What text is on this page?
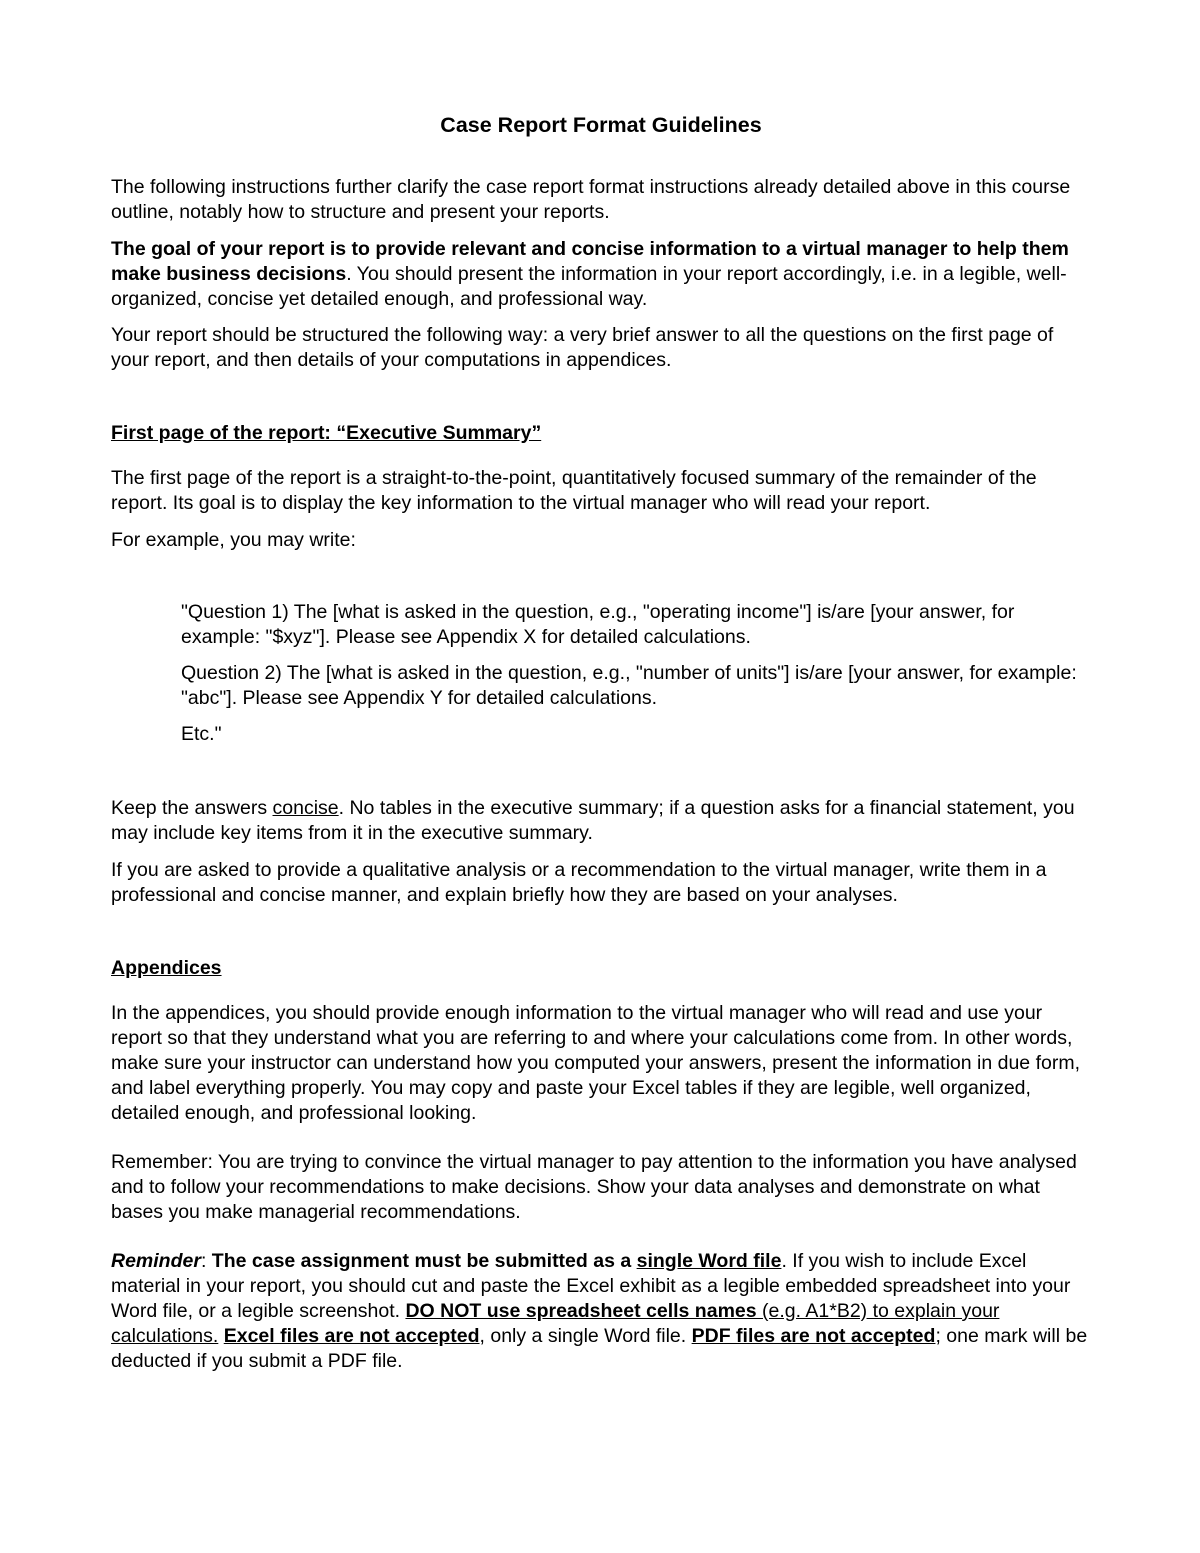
Case Report Format Guidelines

The following instructions further clarify the case report format instructions already detailed above in this course outline, notably how to structure and present your reports.

The goal of your report is to provide relevant and concise information to a virtual manager to help them make business decisions. You should present the information in your report accordingly, i.e. in a legible, well-organized, concise yet detailed enough, and professional way.

Your report should be structured the following way: a very brief answer to all the questions on the first page of your report, and then details of your computations in appendices.

First page of the report: “Executive Summary”

The first page of the report is a straight-to-the-point, quantitatively focused summary of the remainder of the report. Its goal is to display the key information to the virtual manager who will read your report.

For example, you may write:

"Question 1) The [what is asked in the question, e.g., "operating income"] is/are [your answer, for example: "$xyz"]. Please see Appendix X for detailed calculations.

Question 2) The [what is asked in the question, e.g., "number of units"] is/are [your answer, for example: "abc"]. Please see Appendix Y for detailed calculations.

Etc."

Keep the answers concise. No tables in the executive summary; if a question asks for a financial statement, you may include key items from it in the executive summary.

If you are asked to provide a qualitative analysis or a recommendation to the virtual manager, write them in a professional and concise manner, and explain briefly how they are based on your analyses.

Appendices

In the appendices, you should provide enough information to the virtual manager who will read and use your report so that they understand what you are referring to and where your calculations come from. In other words, make sure your instructor can understand how you computed your answers, present the information in due form, and label everything properly. You may copy and paste your Excel tables if they are legible, well organized, detailed enough, and professional looking.

Remember: You are trying to convince the virtual manager to pay attention to the information you have analysed and to follow your recommendations to make decisions. Show your data analyses and demonstrate on what bases you make managerial recommendations.

Reminder: The case assignment must be submitted as a single Word file. If you wish to include Excel material in your report, you should cut and paste the Excel exhibit as a legible embedded spreadsheet into your Word file, or a legible screenshot. DO NOT use spreadsheet cells names (e.g. A1*B2) to explain your calculations. Excel files are not accepted, only a single Word file. PDF files are not accepted; one mark will be deducted if you submit a PDF file.
